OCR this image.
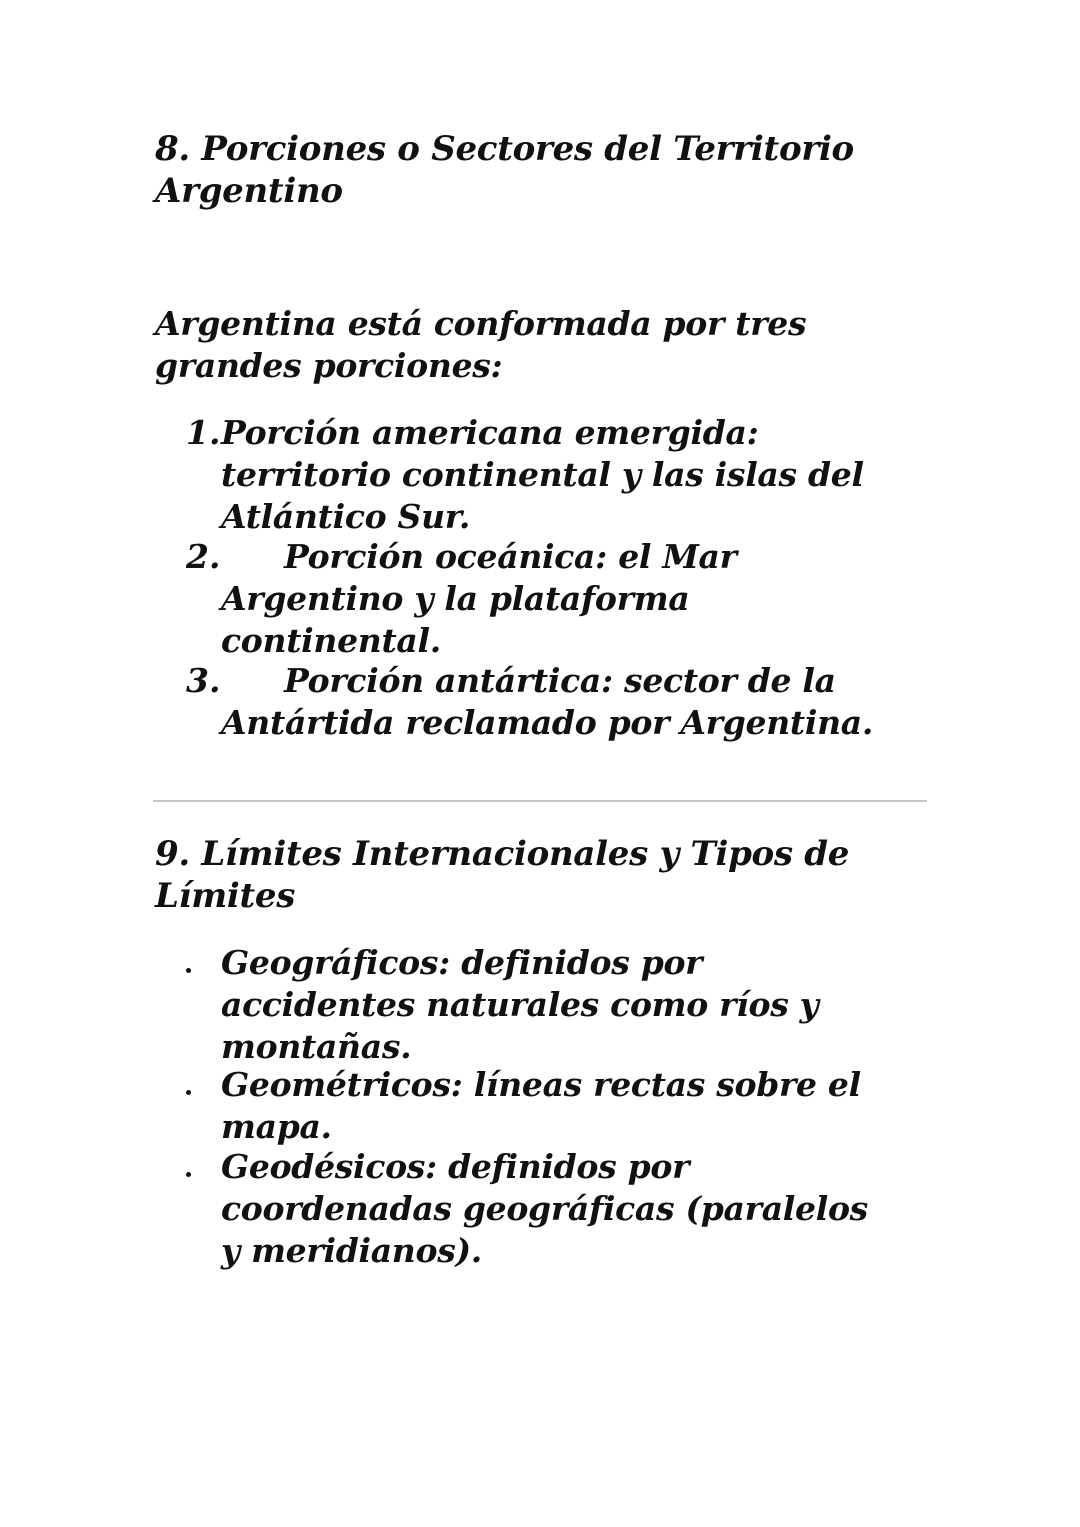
8. Porciones o Sectores del Territorio
Argentino
Argentina está conformada por tres
grandes porciones:
1. Porción americana emergida:
territorio continental y las islas del
Atlántico Sur.
2. Porción oceánica: el Mar
Argentino y la plataforma
continental.
3. Porción antártica: sector de la
Antártida reclamado por Argentina.
9. Límites Internacionales y Tipos de
Límites
Geográficos: definidos por
accidentes naturales como ríos y
montañas.
Geométricos: líneas rectas sobre el
mapa.
Geodésicos: definidos por
coordenadas geográficas (paralelos
y meridianos).
